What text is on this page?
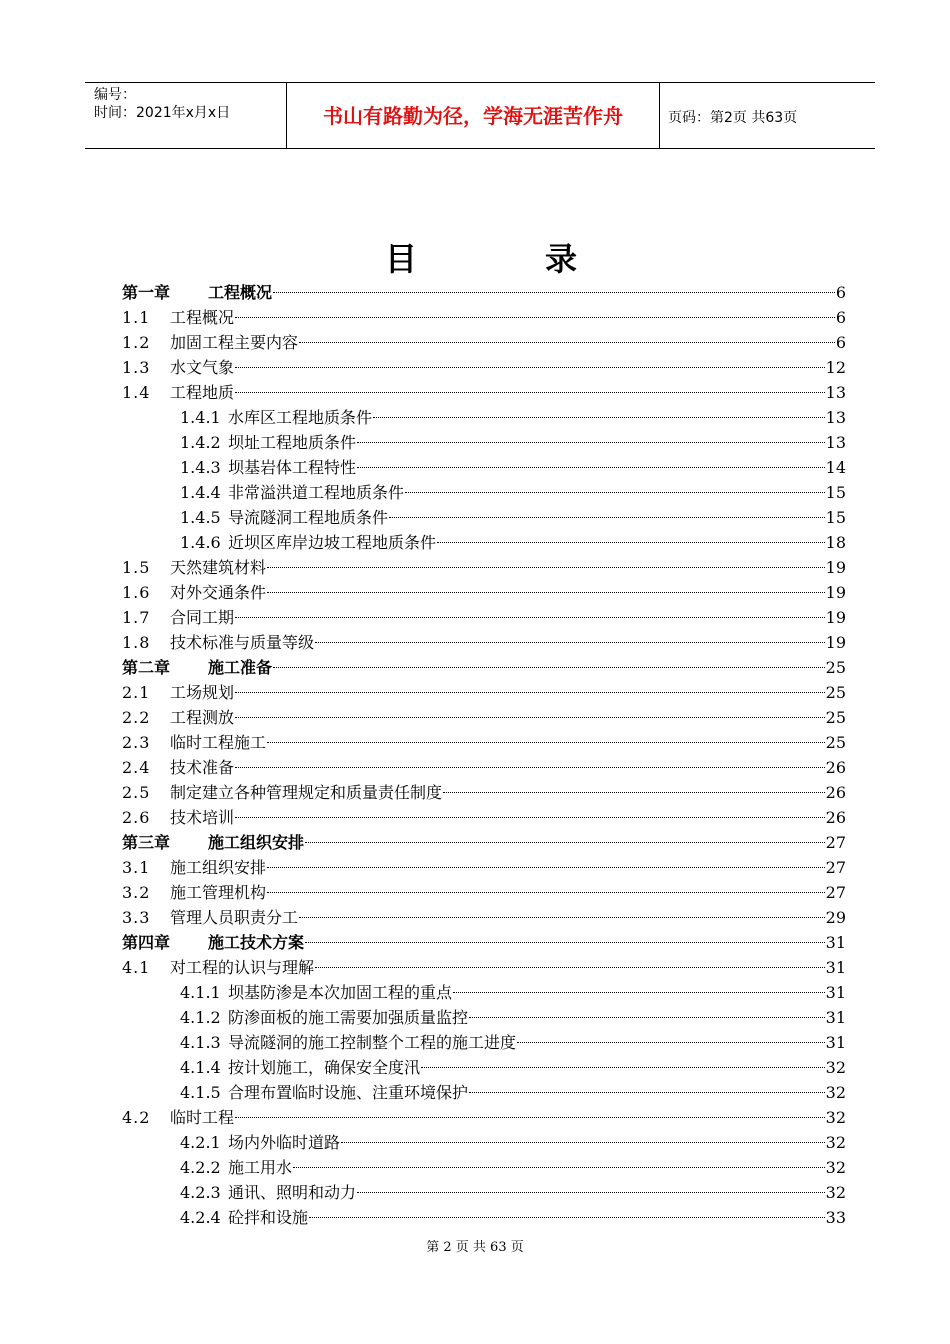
编号：
时间：2021年x月x日	书山有路勤为径，学海无涯苦作舟	页码：第2页 共63页
目	录
第一章	工程概况	6
1.1	工程概况	6
1.2	加固工程主要内容	6
1.3	水文气象	12
1.4	工程地质	13
1.4.1 水库区工程地质条件	13
1.4.2 坝址工程地质条件	13
1.4.3 坝基岩体工程特性	14
1.4.4 非常溢洪道工程地质条件	15
1.4.5 导流隧洞工程地质条件	15
1.4.6 近坝区库岸边坡工程地质条件	18
1.5	天然建筑材料	19
1.6	对外交通条件	19
1.7	合同工期	19
1.8	技术标准与质量等级	19
第二章	施工准备	25
2.1	工场规划	25
2.2	工程测放	25
2.3	临时工程施工	25
2.4	技术准备	26
2.5	制定建立各种管理规定和质量责任制度	26
2.6	技术培训	26
第三章	施工组织安排	27
3.1	施工组织安排	27
3.2	施工管理机构	27
3.3	管理人员职责分工	29
第四章	施工技术方案	31
4.1	对工程的认识与理解	31
4.1.1 坝基防渗是本次加固工程的重点	31
4.1.2 防渗面板的施工需要加强质量监控	31
4.1.3 导流隧洞的施工控制整个工程的施工进度	31
4.1.4 按计划施工，确保安全度汛	32
4.1.5 合理布置临时设施、注重环境保护	32
4.2	临时工程	32
4.2.1 场内外临时道路	32
4.2.2 施工用水	32
4.2.3 通讯、照明和动力	32
4.2.4 砼拌和设施	33
第 2 页 共 63 页
